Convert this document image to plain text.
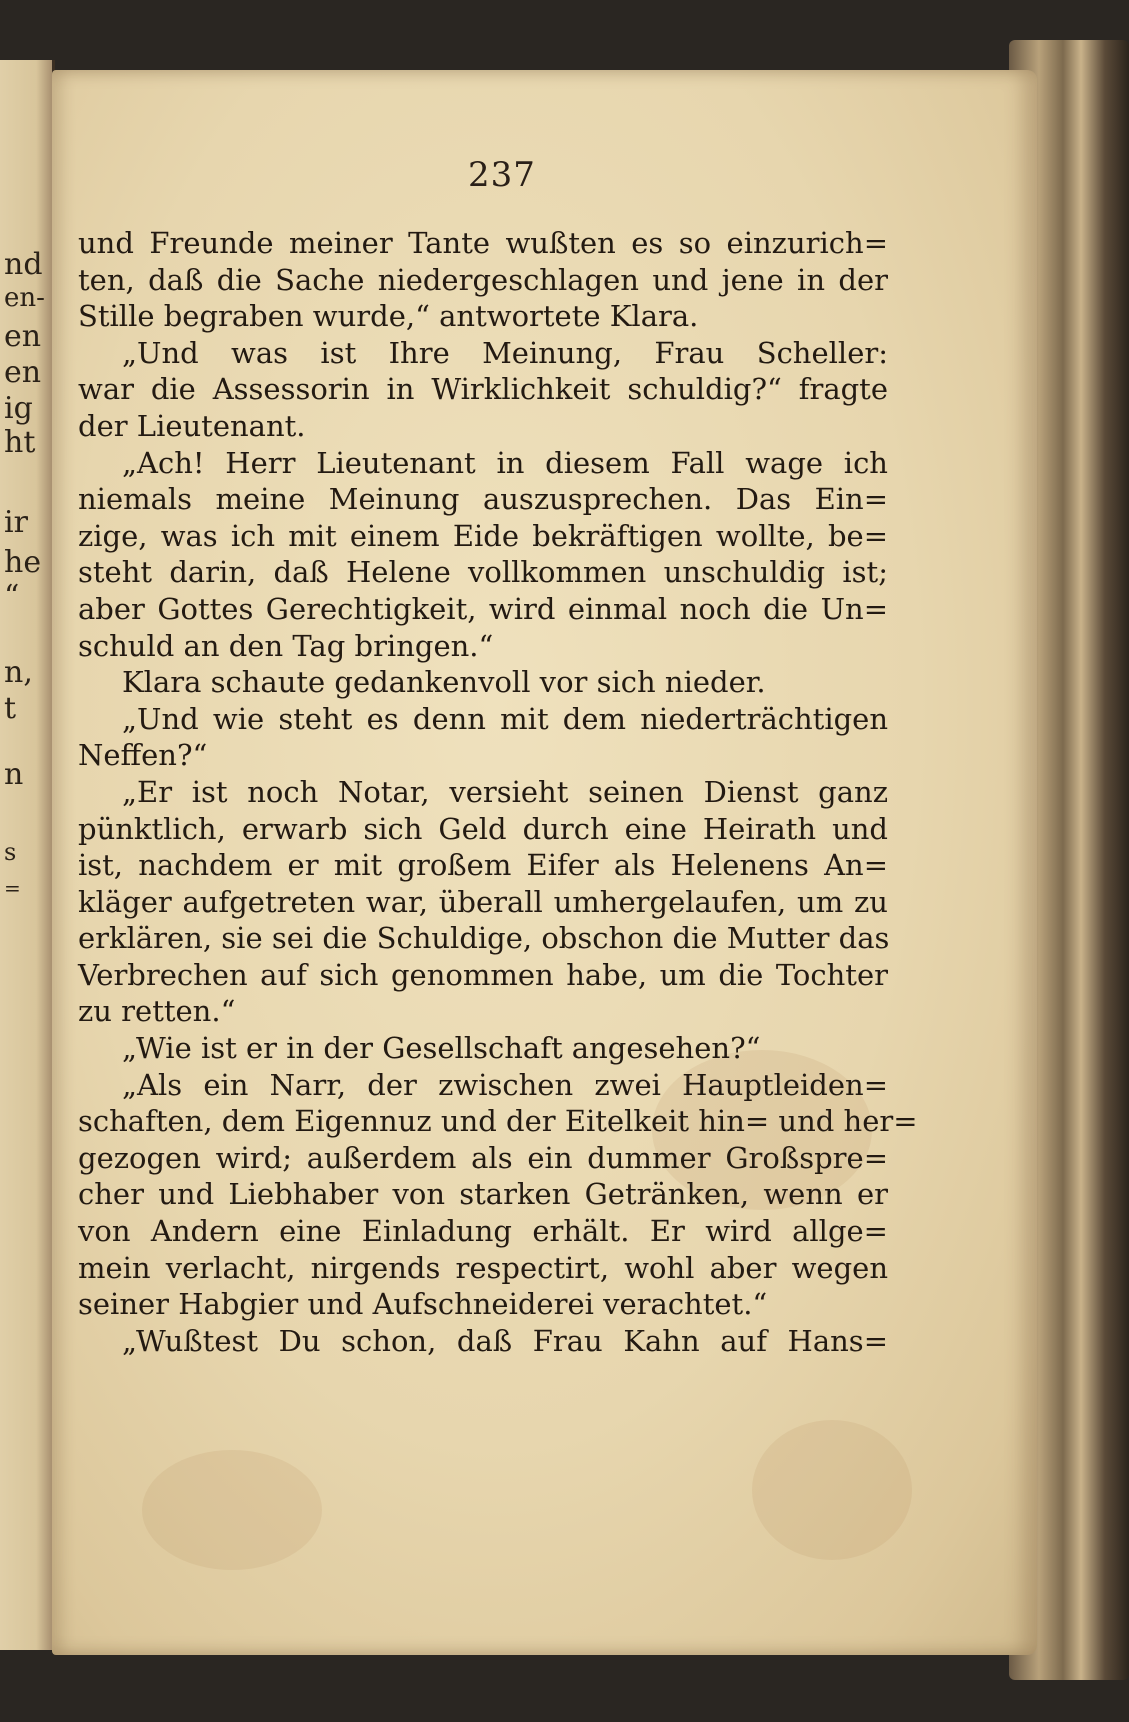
nd
en-
en
en
ig
ht
ir
he
“
n,
t
n
s
=
237
und Freunde meiner Tante wußten es so einzurich=
ten, daß die Sache niedergeschlagen und jene in der
Stille begraben wurde,“ antwortete Klara.
„Und was ist Ihre Meinung, Frau Scheller:
war die Assessorin in Wirklichkeit schuldig?“ fragte
der Lieutenant.
„Ach! Herr Lieutenant in diesem Fall wage ich
niemals meine Meinung auszusprechen. Das Ein=
zige, was ich mit einem Eide bekräftigen wollte, be=
steht darin, daß Helene vollkommen unschuldig ist;
aber Gottes Gerechtigkeit, wird einmal noch die Un=
schuld an den Tag bringen.“
Klara schaute gedankenvoll vor sich nieder.
„Und wie steht es denn mit dem niederträchtigen
Neffen?“
„Er ist noch Notar, versieht seinen Dienst ganz
pünktlich, erwarb sich Geld durch eine Heirath und
ist, nachdem er mit großem Eifer als Helenens An=
kläger aufgetreten war, überall umhergelaufen, um zu
erklären, sie sei die Schuldige, obschon die Mutter das
Verbrechen auf sich genommen habe, um die Tochter
zu retten.“
„Wie ist er in der Gesellschaft angesehen?“
„Als ein Narr, der zwischen zwei Hauptleiden=
schaften, dem Eigennuz und der Eitelkeit hin= und her=
gezogen wird; außerdem als ein dummer Großspre=
cher und Liebhaber von starken Getränken, wenn er
von Andern eine Einladung erhält. Er wird allge=
mein verlacht, nirgends respectirt, wohl aber wegen
seiner Habgier und Aufschneiderei verachtet.“
„Wußtest Du schon, daß Frau Kahn auf Hans=
